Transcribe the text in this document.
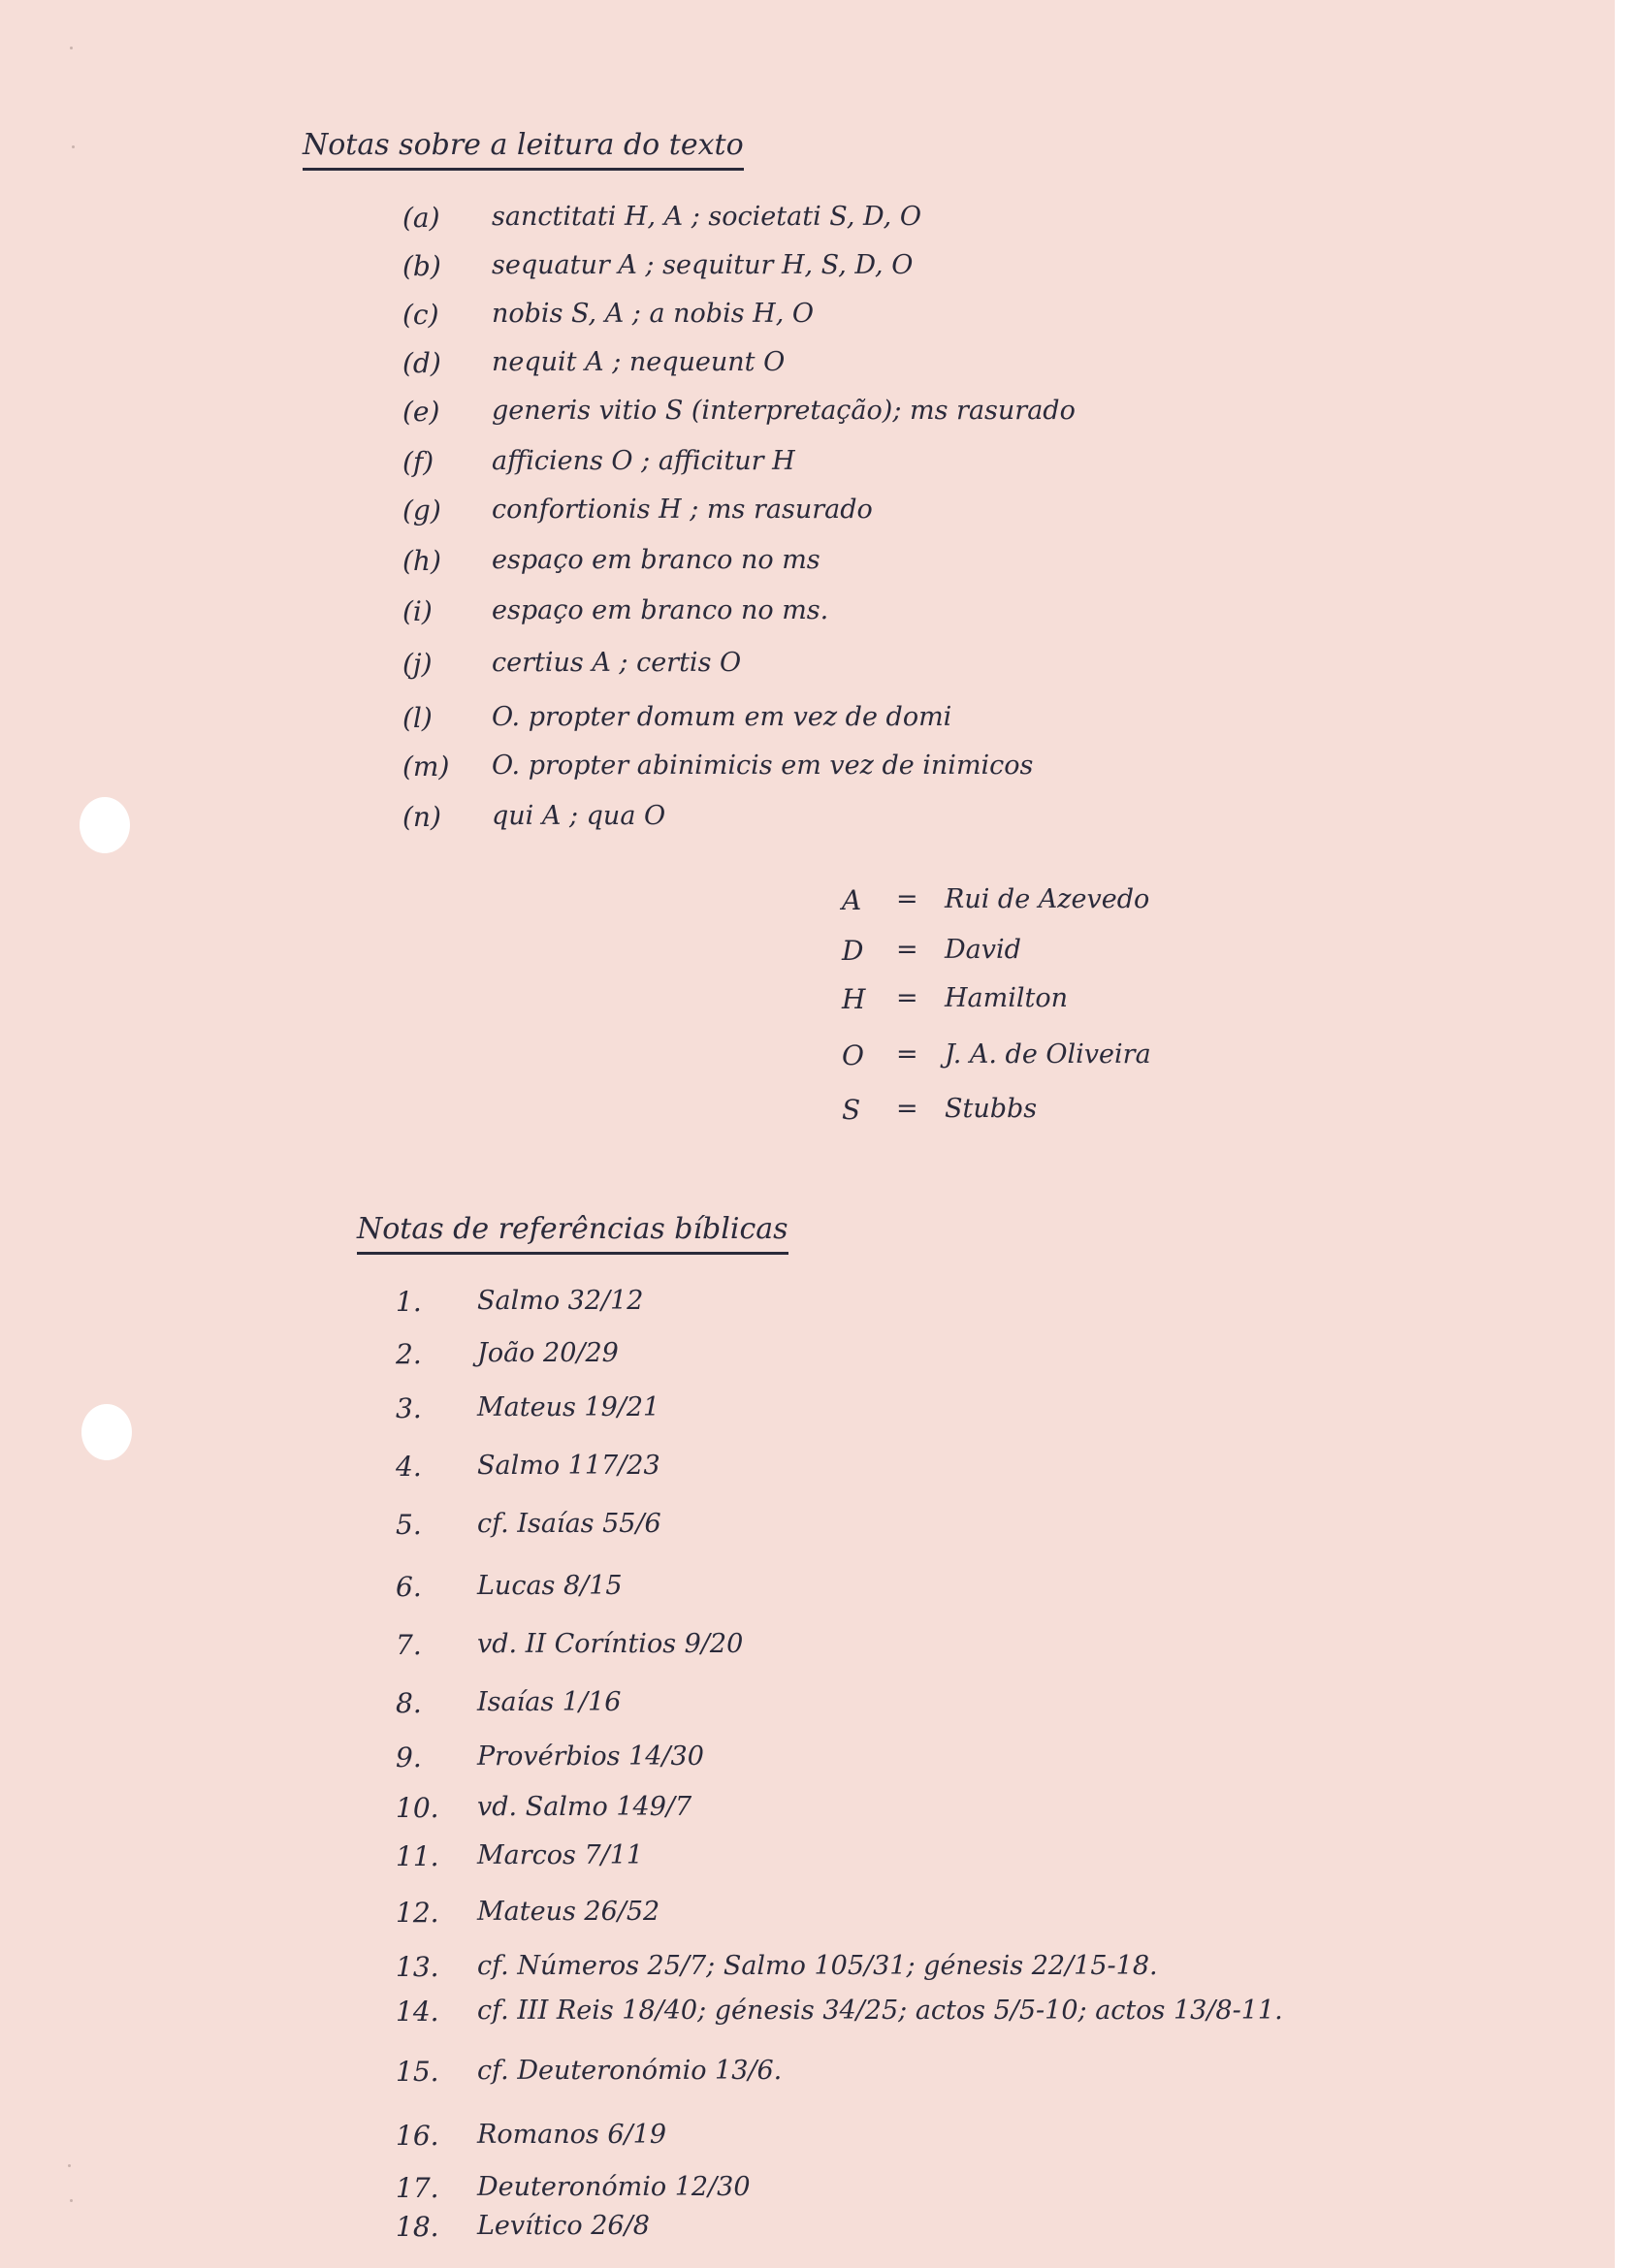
Notas sobre a leitura do texto
(a) sanctitati H, A ; societati S, D, O
(b) sequatur A ; sequitur H, S, D, O
(c) nobis S, A ; a nobis H, O
(d) nequit A ; nequeunt O
(e) generis vitio S (interpretação); ms rasurado
(f) afficiens O ; afficitur H
(g) confortionis H ; ms rasurado
(h) espaço em branco no ms
(i) espaço em branco no ms.
(j) certius A ; certis O
(l) O. propter domum em vez de domi
(m) O. propter abinimicis em vez de inimicos
(n) qui A ; qua O
A = Rui de Azevedo
D = David
H = Hamilton
O = J. A. de Oliveira
S = Stubbs
Notas de referências bíblicas
1. Salmo 32/12
2. João 20/29
3. Mateus 19/21
4. Salmo 117/23
5. cf. Isaías 55/6
6. Lucas 8/15
7. vd. II Coríntios 9/20
8. Isaías 1/16
9. Provérbios 14/30
10. vd. Salmo 149/7
11. Marcos 7/11
12. Mateus 26/52
13. cf. Números 25/7; Salmo 105/31; génesis 22/15-18.
14. cf. III Reis 18/40; génesis 34/25; actos 5/5-10; actos 13/8-11.
15. cf. Deuteronómio 13/6.
16. Romanos 6/19
17. Deuteronómio 12/30
18. Levítico 26/8
